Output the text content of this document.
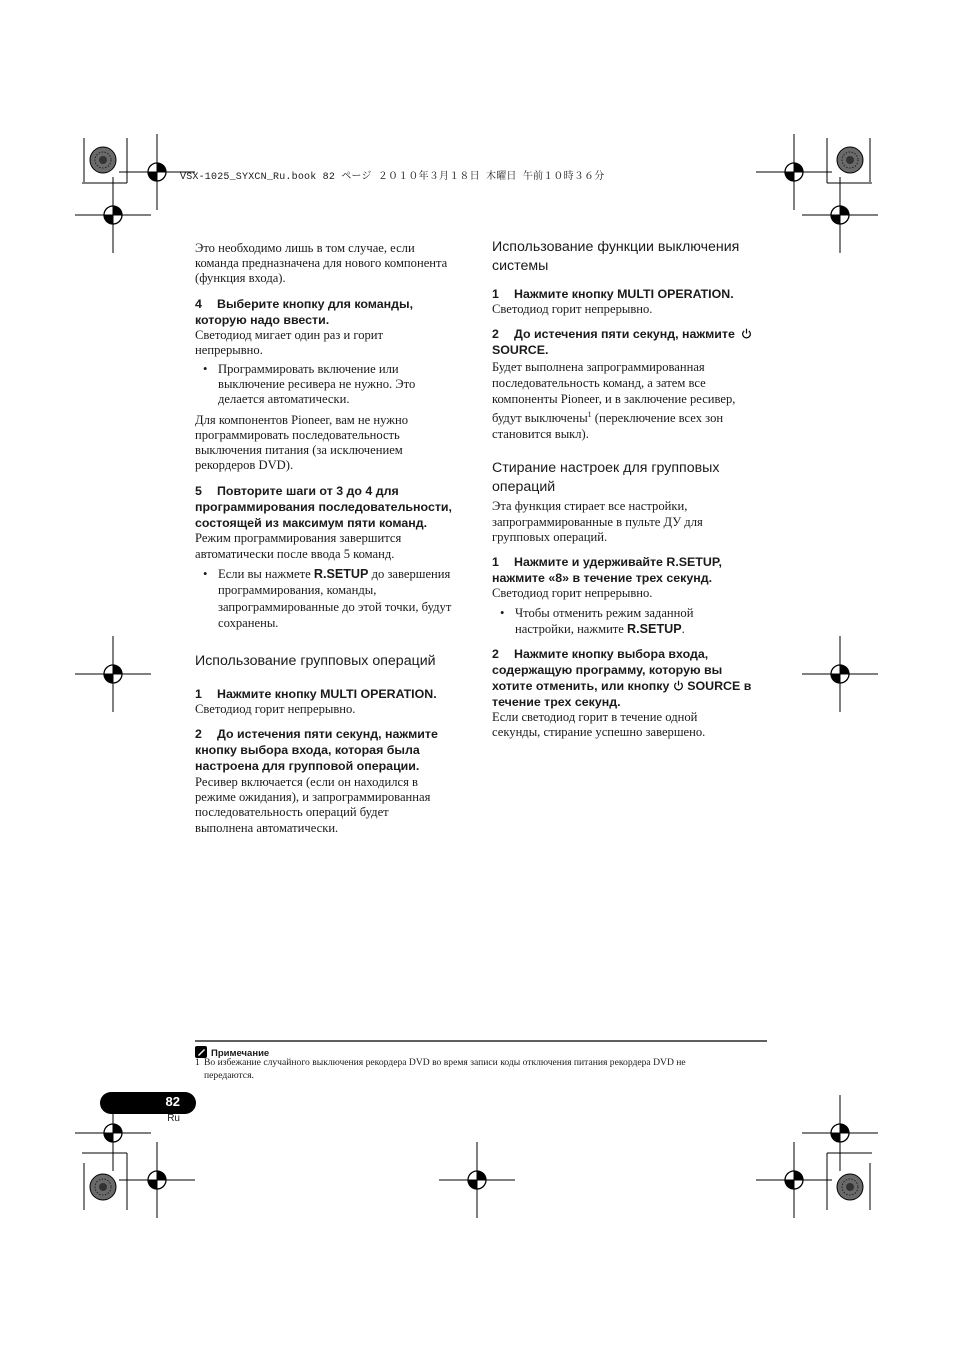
VSX-1025_SYXCN_Ru.book 82 ページ ２０１０年３月１８日 木曜日 午前１０時３６分
Это необходимо лишь в том случае, если
команда предназначена для нового компонента
(функция входа).
4 Выберите кнопку для команды,
которую надо ввести.
Светодиод мигает один раз и горит
непрерывно.
• Программировать включение или
выключение ресивера не нужно. Это
делается автоматически.
Для компонентов Pioneer, вам не нужно
программировать последовательность
выключения питания (за исключением
рекордеров DVD).
5 Повторите шаги от 3 до 4 для
программирования последовательности,
состоящей из максимум пяти команд.
Режим программирования завершится
автоматически после ввода 5 команд.
• Если вы нажмете R.SETUP до завершения
программирования, команды,
запрограммированные до этой точки, будут
сохранены.
Использование групповых операций
1 Нажмите кнопку MULTI OPERATION.
Светодиод горит непрерывно.
2 До истечения пяти секунд, нажмите
кнопку выбора входа, которая была
настроена для групповой операции.
Ресивер включается (если он находился в
режиме ожидания), и запрограммированная
последовательность операций будет
выполнена автоматически.
Использование функции выключения
системы
1 Нажмите кнопку MULTI OPERATION.
Светодиод горит непрерывно.
2 До истечения пяти секунд, нажмите
SOURCE.
Будет выполнена запрограммированная
последовательность команд, а затем все
компоненты Pioneer, и в заключение ресивер,
будут выключены$^1$ (переключение всех зон
становится выкл).
Стирание настроек для групповых
операций
Эта функция стирает все настройки,
запрограммированные в пульте ДУ для
групповых операций.
1 Нажмите и удерживайте R.SETUP,
нажмите «8» в течение трех секунд.
Светодиод горит непрерывно.
• Чтобы отменить режим заданной
настройки, нажмите R.SETUP.
2 Нажмите кнопку выбора входа,
содержащую программу, которую вы
хотите отменить, или кнопку  SOURCE в
течение трех секунд.
Если светодиод горит в течение одной
секунды, стирание успешно завершено.
Примечание
1 Во избежание случайного выключения рекордера DVD во время записи коды отключения питания рекордера DVD не
передаются.
82
Ru
